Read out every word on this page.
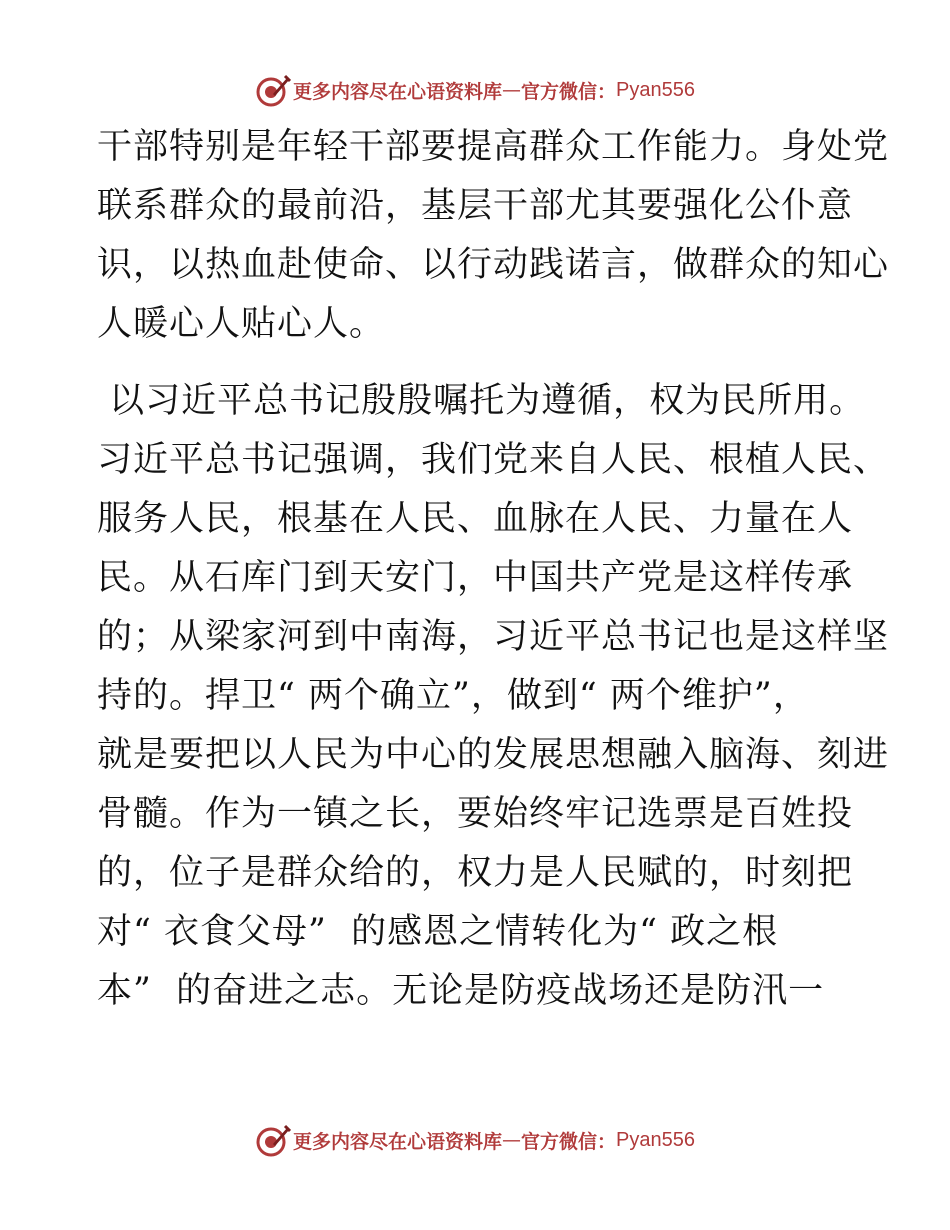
更多内容尽在心语资料库 — 官方微信： Pyan556
干部特别是年轻干部要提高群众工作能力。身处党
联系群众的最前沿，基层干部尤其要强化公仆意
识，以热血赴使命、以行动践诺言，做群众的知心
人暖心人贴心人。
以习近平总书记殷殷嘱托为遵循，权为民所用。
习近平总书记强调，我们党来自人民、根植人民、
服务人民，根基在人民、血脉在人民、力量在人
民。从石库门到天安门，中国共产党是这样传承
的；从梁家河到中南海，习近平总书记也是这样坚
持的。捍卫“ 两个确立”，做到“ 两个维护”，
就是要把以人民为中心的发展思想融入脑海、刻进
骨髓。作为一镇之长，要始终牢记选票是百姓投
的，位子是群众给的，权力是人民赋的，时刻把
对“ 衣食父母”  的感恩之情转化为“ 政之根
本”  的奋进之志。无论是防疫战场还是防汛一
更多内容尽在心语资料库 — 官方微信： Pyan556
